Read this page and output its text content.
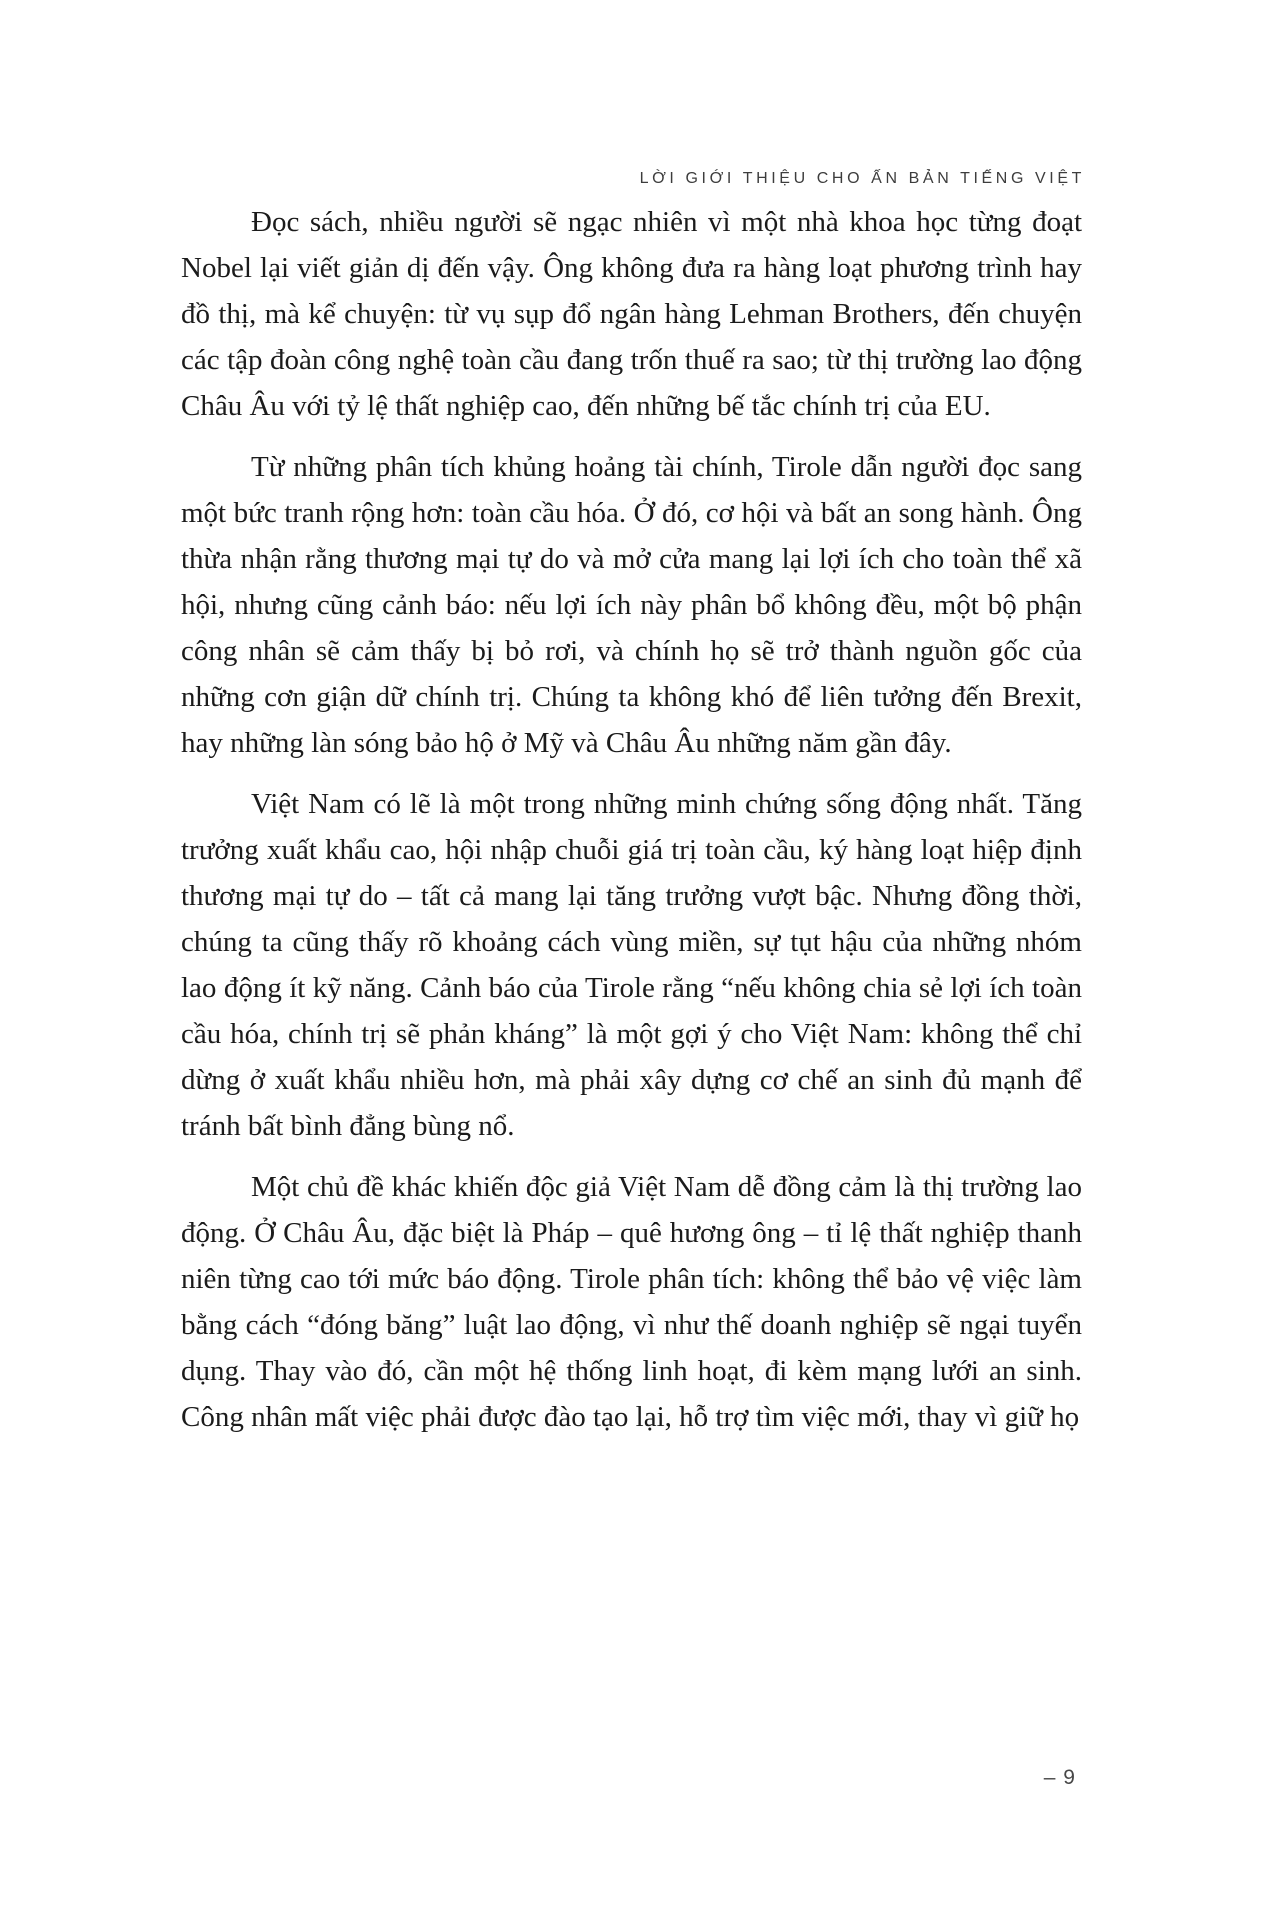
LỜI GIỚI THIỆU CHO ẤN BẢN TIẾNG VIỆT

Đọc sách, nhiều người sẽ ngạc nhiên vì một nhà khoa học từng đoạt Nobel lại viết giản dị đến vậy. Ông không đưa ra hàng loạt phương trình hay đồ thị, mà kể chuyện: từ vụ sụp đổ ngân hàng Lehman Brothers, đến chuyện các tập đoàn công nghệ toàn cầu đang trốn thuế ra sao; từ thị trường lao động Châu Âu với tỷ lệ thất nghiệp cao, đến những bế tắc chính trị của EU.

Từ những phân tích khủng hoảng tài chính, Tirole dẫn người đọc sang một bức tranh rộng hơn: toàn cầu hóa. Ở đó, cơ hội và bất an song hành. Ông thừa nhận rằng thương mại tự do và mở cửa mang lại lợi ích cho toàn thể xã hội, nhưng cũng cảnh báo: nếu lợi ích này phân bổ không đều, một bộ phận công nhân sẽ cảm thấy bị bỏ rơi, và chính họ sẽ trở thành nguồn gốc của những cơn giận dữ chính trị. Chúng ta không khó để liên tưởng đến Brexit, hay những làn sóng bảo hộ ở Mỹ và Châu Âu những năm gần đây.

Việt Nam có lẽ là một trong những minh chứng sống động nhất. Tăng trưởng xuất khẩu cao, hội nhập chuỗi giá trị toàn cầu, ký hàng loạt hiệp định thương mại tự do – tất cả mang lại tăng trưởng vượt bậc. Nhưng đồng thời, chúng ta cũng thấy rõ khoảng cách vùng miền, sự tụt hậu của những nhóm lao động ít kỹ năng. Cảnh báo của Tirole rằng “nếu không chia sẻ lợi ích toàn cầu hóa, chính trị sẽ phản kháng” là một gợi ý cho Việt Nam: không thể chỉ dừng ở xuất khẩu nhiều hơn, mà phải xây dựng cơ chế an sinh đủ mạnh để tránh bất bình đẳng bùng nổ.

Một chủ đề khác khiến độc giả Việt Nam dễ đồng cảm là thị trường lao động. Ở Châu Âu, đặc biệt là Pháp – quê hương ông – tỉ lệ thất nghiệp thanh niên từng cao tới mức báo động. Tirole phân tích: không thể bảo vệ việc làm bằng cách “đóng băng” luật lao động, vì như thế doanh nghiệp sẽ ngại tuyển dụng. Thay vào đó, cần một hệ thống linh hoạt, đi kèm mạng lưới an sinh. Công nhân mất việc phải được đào tạo lại, hỗ trợ tìm việc mới, thay vì giữ họ

– 9
